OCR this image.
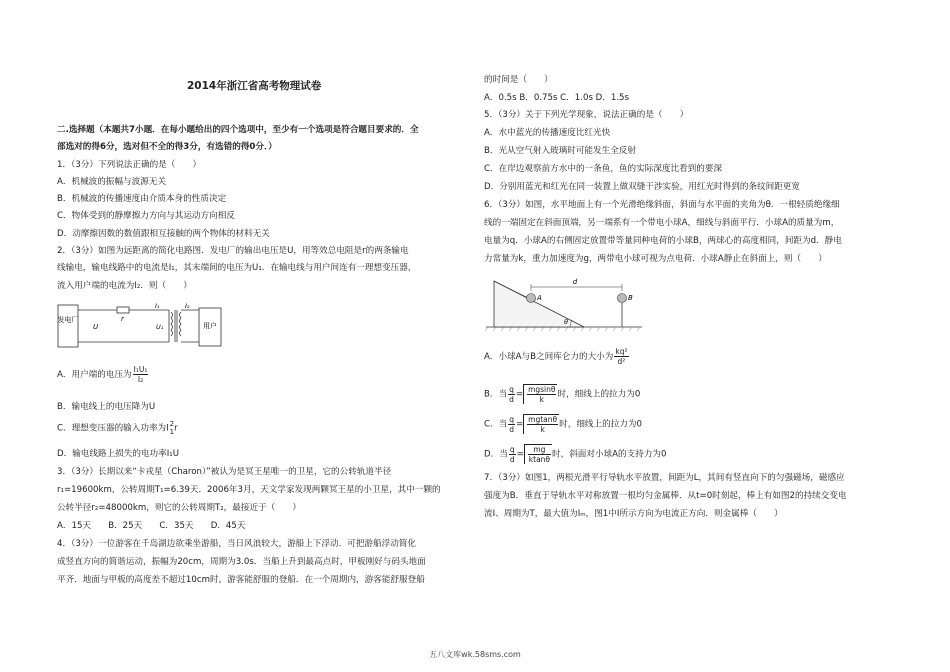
2014年浙江省高考物理试卷
二.选择题（本题共7小题．在每小题给出的四个选项中，至少有一个选项是符合题目要求的．全
部选对的得6分，选对但不全的得3分，有选错的得0分．）
1．（3分）下列说法正确的是（　　）
A．机械波的振幅与波源无关
B．机械波的传播速度由介质本身的性质决定
C．物体受到的静摩擦力方向与其运动方向相反
D．动摩擦因数的数值跟相互接触的两个物体的材料无关
2．（3分）如图为远距离的简化电路图．发电厂的输出电压是U，用等效总电阻是r的两条输电
线输电，输电线路中的电流是I₁，其末端间的电压为U₁．在输电线与用户间连有一理想变压器，
流入用户端的电流为I₂．则（　　）
发电厂
用户
U
r
I₁
U₁
I₂
A．用户端的电压为 $\frac{\text{I₁U₁}}{\text{I₂}}$
B．输电线上的电压降为U
C．理想变压器的输入功率为I 2
1 r
D．输电线路上损失的电功率I₁U
3．（3分）长期以来“卡戎星（Charon）”被认为是冥王星唯一的卫星，它的公转轨道半径
r₁=19600km，公转周期T₁=6.39天．2006年3月，天文学家发现两颗冥王星的小卫星，其中一颗的
公转半径r₂=48000km，则它的公转周期T₂，最接近于（　　）
A．15天　　B．25天　　C．35天　　D．45天
4．（3分）一位游客在千岛湖边欲乘坐游船，当日风浪较大，游船上下浮动．可把游船浮动简化
成竖直方向的简谐运动，振幅为20cm，周期为3.0s．当船上升到最高点时，甲板刚好与码头地面
平齐．地面与甲板的高度差不超过10cm时，游客能舒服的登船．在一个周期内，游客能舒服登船
的时间是（　　）
A．0.5s B．0.75s C．1.0s D．1.5s
5．（3分）关于下列光学现象，说法正确的是（　　）
A．水中蓝光的传播速度比红光快
B．光从空气射入玻璃时可能发生全反射
C．在岸边观察前方水中的一条鱼，鱼的实际深度比看到的要深
D．分别用蓝光和红光在同一装置上做双缝干涉实验，用红光时得到的条纹间距更宽
6．（3分）如图，水平地面上有一个光滑绝缘斜面，斜面与水平面的夹角为θ．一根轻质绝缘细
线的一端固定在斜面顶端，另一端系有一个带电小球A，细线与斜面平行．小球A的质量为m，
电量为q．小球A的右侧固定放置带等量同种电荷的小球B，两球心的高度相同，间距为d．静电
力常量为k，重力加速度为g，两带电小球可视为点电荷．小球A静止在斜面上，则（　　）
A	B
d
θ
A．小球A与B之间库仑力的大小为 $\frac{\text{kq²}}{\text{d²}}$
B．当 $\frac{q}{d} = \frac{mgsin\theta}{k}$ 时，细线上的拉力为0
C．当 $\frac{q}{d} = \frac{mgtan\theta}{k}$ 时，细线上的拉力为0
D．当 $\frac{q}{d} = \frac{mg}{ktan\theta}$ 时，斜面对小球A的支持力为0
7．（3分）如图1，两根光滑平行导轨水平放置，间距为L，其间有竖直向下的匀强磁场，磁感应
强度为B．垂直于导轨水平对称放置一根均匀金属棒．从t=0时刻起，棒上有如图2的持续交变电
流I、周期为T，最大值为Iₘ，图1中I所示方向为电流正方向．则金属棒（　　）
五八文库wk.58sms.com
